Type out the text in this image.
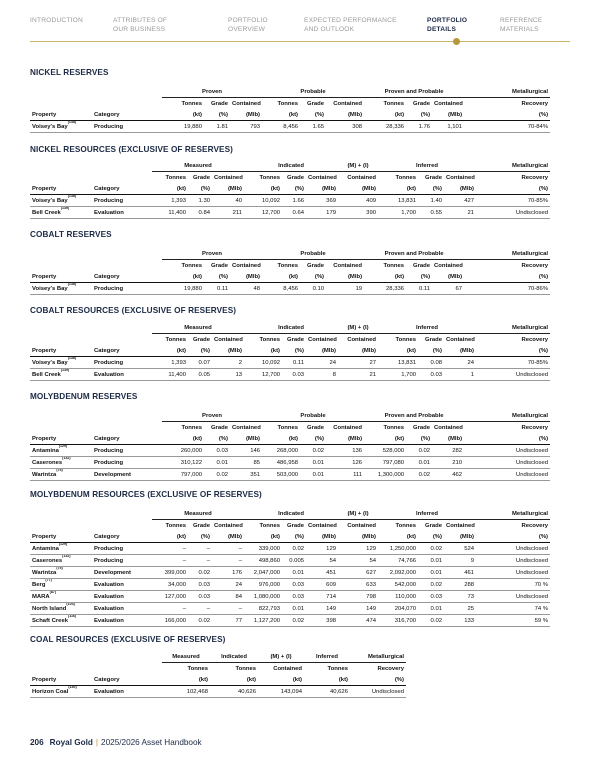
INTRODUCTION	ATTRIBUTES OF
OUR BUSINESS
PORTFOLIO
OVERVIEW
EXPECTED PERFORMANCE
AND OUTLOOK
PORTFOLIO
DETAILS
REFERENCE
MATERIALS
NICKEL RESERVES
		Proven			Probable			Proven and Probable			Metallurgical
		Tonnes	Grade	Contained	Tonnes	Grade	Contained	Tonnes	Grade	Contained	Recovery
Property	Category	(kt)	(%)	(Mlb)	(kt)	(%)	(Mlb)	(kt)	(%)	(Mlb)	(%)
Voisey's Bay$^{(138)}$	Producing	19,880	1.81	793	8,456	1.65	308	28,336	1.76	1,101	70-84%
NICKEL RESOURCES (EXCLUSIVE OF RESERVES)
		Measured			Indicated			(M) + (I)	Inferred			Metallurgical
		Tonnes	Grade	Contained	Tonnes	Grade	Contained	Contained	Tonnes	Grade	Contained	Recovery
Property	Category	(kt)	(%)	(Mlb)	(kt)	(%)	(Mlb)	(Mlb)	(kt)	(%)	(Mlb)	(%)
Voisey's Bay$^{(138)}$	Producing	1,393	1.30	40	10,092	1.66	369	409	13,831	1.40	427	70-85%
Bell Creek$^{(139)}$	Evaluation	11,400	0.84	211	12,700	0.64	179	390	1,700	0.55	21	Undisclosed
COBALT RESERVES
		Proven			Probable			Proven and Probable			Metallurgical
		Tonnes	Grade	Contained	Tonnes	Grade	Contained	Tonnes	Grade	Contained	Recovery
Property	Category	(kt)	(%)	(Mlb)	(kt)	(%)	(Mlb)	(kt)	(%)	(Mlb)	(%)
Voisey's Bay$^{(138)}$	Producing	19,880	0.11	48	8,456	0.10	19	28,336	0.11	67	70-86%
COBALT RESOURCES (EXCLUSIVE OF RESERVES)
		Measured			Indicated			(M) + (I)	Inferred			Metallurgical
		Tonnes	Grade	Contained	Tonnes	Grade	Contained	Contained	Tonnes	Grade	Contained	Recovery
Property	Category	(kt)	(%)	(Mlb)	(kt)	(%)	(Mlb)	(Mlb)	(kt)	(%)	(Mlb)	(%)
Voisey's Bay$^{(138)}$	Producing	1,393	0.07	2	10,092	0.11	24	27	13,831	0.08	24	70-85%
Bell Creek$^{(139)}$	Evaluation	11,400	0.05	13	12,700	0.03	8	21	1,700	0.03	1	Undisclosed
MOLYBDENUM RESERVES
		Proven			Probable			Proven and Probable			Metallurgical
		Tonnes	Grade	Contained	Tonnes	Grade	Contained	Tonnes	Grade	Contained	Recovery
Property	Category	(kt)	(%)	(Mlb)	(kt)	(%)	(Mlb)	(kt)	(%)	(Mlb)	(%)
Antamina$^{(129)}$	Producing	260,000	0.03	146	268,000	0.02	136	528,000	0.02	282	Undisclosed
Caserones$^{(132)}$	Producing	310,122	0.01	85	486,958	0.01	126	797,080	0.01	210	Undisclosed
Warintza$^{(75)}$	Development	797,000	0.02	351	503,000	0.01	111	1,300,000	0.02	462	Undisclosed
MOLYBDENUM RESOURCES (EXCLUSIVE OF RESERVES)
		Measured			Indicated			(M) + (I)	Inferred			Metallurgical
		Tonnes	Grade	Contained	Tonnes	Grade	Contained	Contained	Tonnes	Grade	Contained	Recovery
Property	Category	(kt)	(%)	(Mlb)	(kt)	(%)	(Mlb)	(Mlb)	(kt)	(%)	(Mlb)	(%)
Antamina$^{(129)}$	Producing	–	–	–	339,000	0.02	129	129	1,250,000	0.02	524	Undisclosed
Caserones$^{(132)}$	Producing	–	–	–	498,860	0.005	54	54	74,766	0.01	9	Undisclosed
Warintza$^{(75)}$	Development	399,000	0.02	176	2,047,000	0.01	451	627	2,092,000	0.01	461	Undisclosed
Berg$^{(77)}$	Evaluation	34,000	0.03	24	976,000	0.03	609	633	542,000	0.02	288	70 %
MARA$^{(87)}$	Evaluation	127,000	0.03	84	1,080,000	0.03	714	798	110,000	0.03	73	Undisclosed
North Island$^{(103)}$	Evaluation	–	–	–	822,793	0.01	149	149	204,070	0.01	25	74 %
Schaft Creek$^{(116)}$	Evaluation	166,000	0.02	77	1,127,200	0.02	398	474	316,700	0.02	133	59 %
COAL RESOURCES (EXCLUSIVE OF RESERVES)
		Measured	Indicated	(M) + (I)	Inferred	Metallurgical
		Tonnes	Tonnes	Contained	Tonnes	Recovery
Property	Category	(kt)	(kt)	(kt)	(kt)	(%)
Horizon Coal$^{(140)}$	Evaluation	102,468	40,626	143,094	40,626	Undisclosed
206 Royal Gold | 2025/2026 Asset Handbook
